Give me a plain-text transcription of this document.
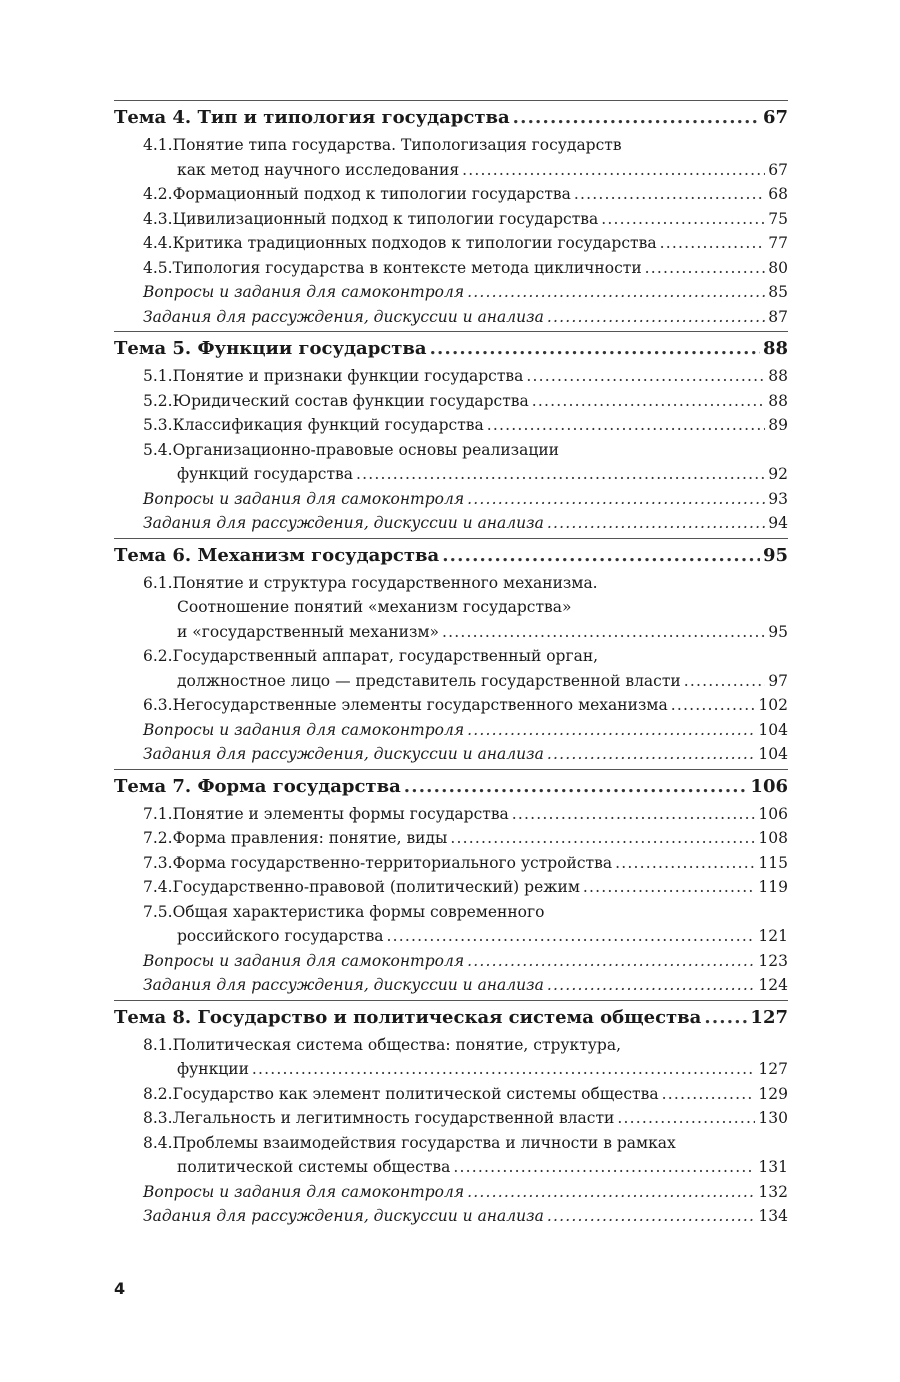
Тема 4. Тип и типология государства .....	67
4.1. Понятие типа государства. Типологизация государств
как метод научного исследования .....	67
4.2. Формационный подход к типологии государства .....	68
4.3. Цивилизационный подход к типологии государства .....	75
4.4. Критика традиционных подходов к типологии государства .....	77
4.5. Типология государства в контексте метода цикличности .....	80
Вопросы и задания для самоконтроля .....	85
Задания для рассуждения, дискуссии и анализа .....	87
Тема 5. Функции государства .....	88
5.1. Понятие и признаки функции государства .....	88
5.2. Юридический состав функции государства .....	88
5.3. Классификация функций государства .....	89
5.4. Организационно-правовые основы реализации
функций государства .....	92
Вопросы и задания для самоконтроля .....	93
Задания для рассуждения, дискуссии и анализа .....	94
Тема 6. Механизм государства .....	95
6.1. Понятие и структура государственного механизма.
Соотношение понятий «механизм государства»
и «государственный механизм» .....	95
6.2. Государственный аппарат, государственный орган,
должностное лицо — представитель государственной власти .....	97
6.3. Негосударственные элементы государственного механизма .....	102
Вопросы и задания для самоконтроля .....	104
Задания для рассуждения, дискуссии и анализа .....	104
Тема 7. Форма государства .....	106
7.1. Понятие и элементы формы государства .....	106
7.2. Форма правления: понятие, виды .....	108
7.3. Форма государственно-территориального устройства .....	115
7.4. Государственно-правовой (политический) режим .....	119
7.5. Общая характеристика формы современного
российского государства .....	121
Вопросы и задания для самоконтроля .....	123
Задания для рассуждения, дискуссии и анализа .....	124
Тема 8. Государство и политическая система общества .....	127
8.1. Политическая система общества: понятие, структура,
функции .....	127
8.2. Государство как элемент политической системы общества .....	129
8.3. Легальность и легитимность государственной власти .....	130
8.4. Проблемы взаимодействия государства и личности в рамках
политической системы общества .....	131
Вопросы и задания для самоконтроля .....	132
Задания для рассуждения, дискуссии и анализа .....	134
4
